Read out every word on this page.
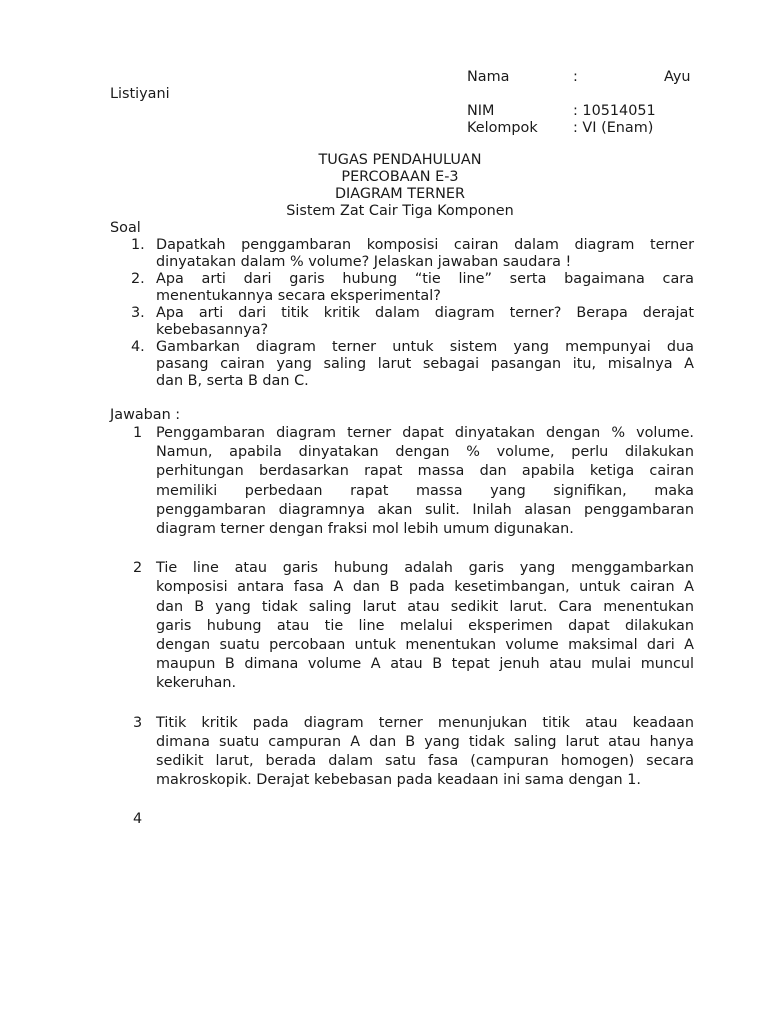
Nama	:	Ayu
Listiyani
NIM	: 10514051
Kelompok : VI (Enam)
TUGAS PENDAHULUAN
PERCOBAAN E-3
DIAGRAM TERNER
Sistem Zat Cair Tiga Komponen
Soal
1. Dapatkah penggambaran komposisi cairan dalam diagram terner
dinyatakan dalam % volume? Jelaskan jawaban saudara !
2. Apa arti dari garis hubung “tie line” serta bagaimana cara
menentukannya secara eksperimental?
3. Apa arti dari titik kritik dalam diagram terner? Berapa derajat
kebebasannya?
4. Gambarkan diagram terner untuk sistem yang mempunyai dua
pasang cairan yang saling larut sebagai pasangan itu, misalnya A
dan B, serta B dan C.
Jawaban :
1 Penggambaran diagram terner dapat dinyatakan dengan % volume.
Namun, apabila dinyatakan dengan % volume, perlu dilakukan
perhitungan berdasarkan rapat massa dan apabila ketiga cairan
memiliki perbedaan rapat massa yang signifikan, maka
penggambaran diagramnya akan sulit. Inilah alasan penggambaran
diagram terner dengan fraksi mol lebih umum digunakan.
2 Tie line atau garis hubung adalah garis yang menggambarkan
komposisi antara fasa A dan B pada kesetimbangan, untuk cairan A
dan B yang tidak saling larut atau sedikit larut. Cara menentukan
garis hubung atau tie line melalui eksperimen dapat dilakukan
dengan suatu percobaan untuk menentukan volume maksimal dari A
maupun B dimana volume A atau B tepat jenuh atau mulai muncul
kekeruhan.
3 Titik kritik pada diagram terner menunjukan titik atau keadaan
dimana suatu campuran A dan B yang tidak saling larut atau hanya
sedikit larut, berada dalam satu fasa (campuran homogen) secara
makroskopik. Derajat kebebasan pada keadaan ini sama dengan 1.
4
